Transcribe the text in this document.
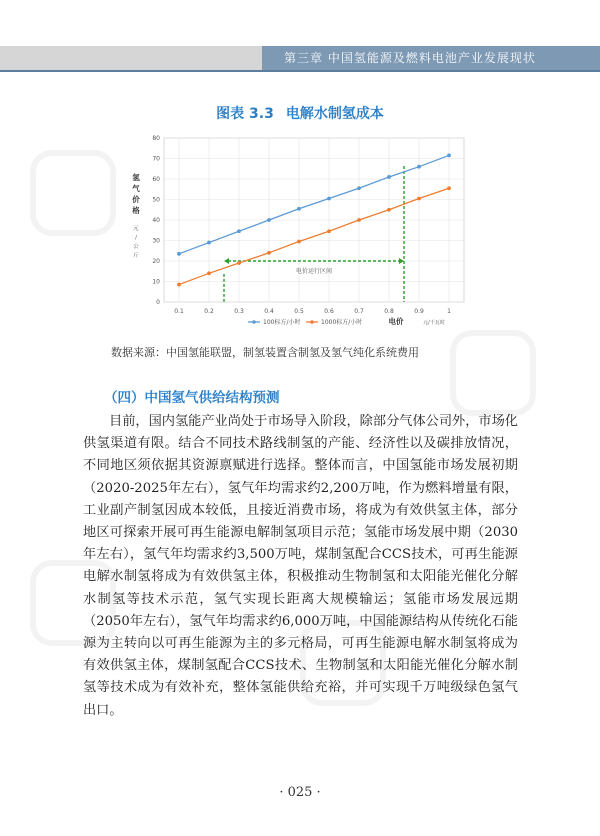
第三章 中国氢能源及燃料电池产业发展现状
图表 3.3 电解水制氢成本
0
10
20
30
40
50
60
70
80
0.1	0.2	0.3	0.4	0.5	0.6	0.7	0.8	0.9	1
电价运行区间
氢
气
价
格
元
/
公
斤
电价	元/千瓦时
100标方/小时	1000标方/小时
数据来源：中国氢能联盟，制氢装置含制氢及氢气纯化系统费用
（四）中国氢气供给结构预测
目前，国内氢能产业尚处于市场导入阶段，除部分气体公司外，市场化供氢渠道有限。结合不同技术路线制氢的产能、经济性以及碳排放情况，不同地区须依据其资源禀赋进行选择。整体而言，中国氢能市场发展初期（2020-2025年左右），氢气年均需求约2,200万吨，作为燃料增量有限，工业副产制氢因成本较低，且接近消费市场，将成为有效供氢主体，部分地区可探索开展可再生能源电解制氢项目示范；氢能市场发展中期（2030年左右），氢气年均需求约3,500万吨，煤制氢配合CCS技术，可再生能源电解水制氢将成为有效供氢主体，积极推动生物制氢和太阳能光催化分解水制氢等技术示范，氢气实现长距离大规模输运；氢能市场发展远期（2050年左右），氢气年均需求约6,000万吨，中国能源结构从传统化石能源为主转向以可再生能源为主的多元格局，可再生能源电解水制氢将成为有效供氢主体，煤制氢配合CCS技术、生物制氢和太阳能光催化分解水制氢等技术成为有效补充，整体氢能供给充裕，并可实现千万吨级绿色氢气出口。
· 025 ·
